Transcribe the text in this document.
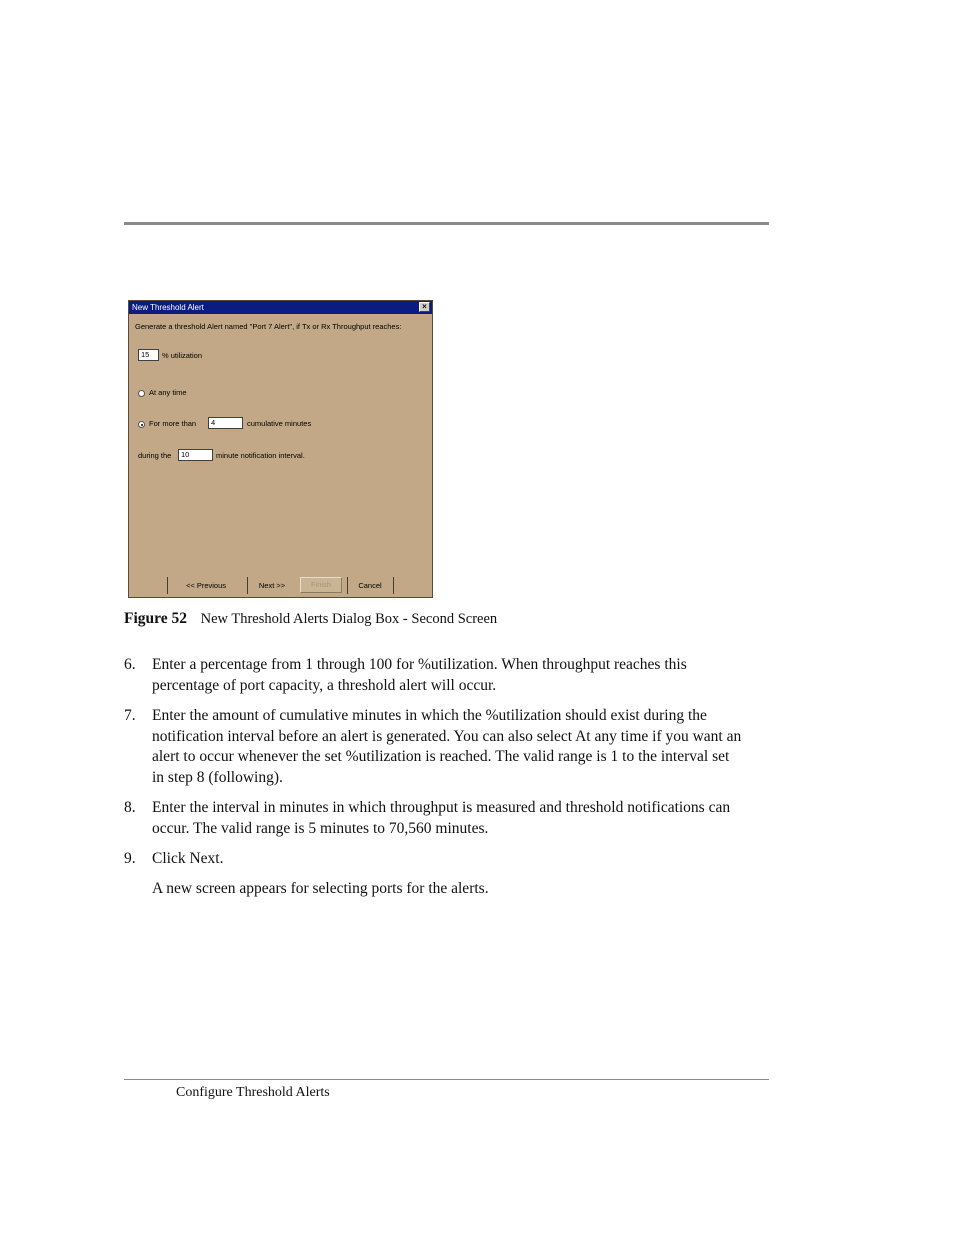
New Threshold Alert	×
Generate a threshold Alert named "Port 7 Alert", if Tx or Rx Throughput reaches:
15	% utilization
At any time
For more than	4	cumulative minutes
during the	10	minute notification interval.
<< Previous	Next >>	Finish	Cancel
Figure 52 New Threshold Alerts Dialog Box - Second Screen
6. Enter a percentage from 1 through 100 for %utilization. When throughput reaches this percentage of port capacity, a threshold alert will occur.
7. Enter the amount of cumulative minutes in which the %utilization should exist during the notification interval before an alert is generated. You can also select At any time if you want an alert to occur whenever the set %utilization is reached. The valid range is 1 to the interval set in step 8 (following).
8. Enter the interval in minutes in which throughput is measured and threshold notifications can occur. The valid range is 5 minutes to 70,560 minutes.
9. Click Next.
A new screen appears for selecting ports for the alerts.
Configure Threshold Alerts
